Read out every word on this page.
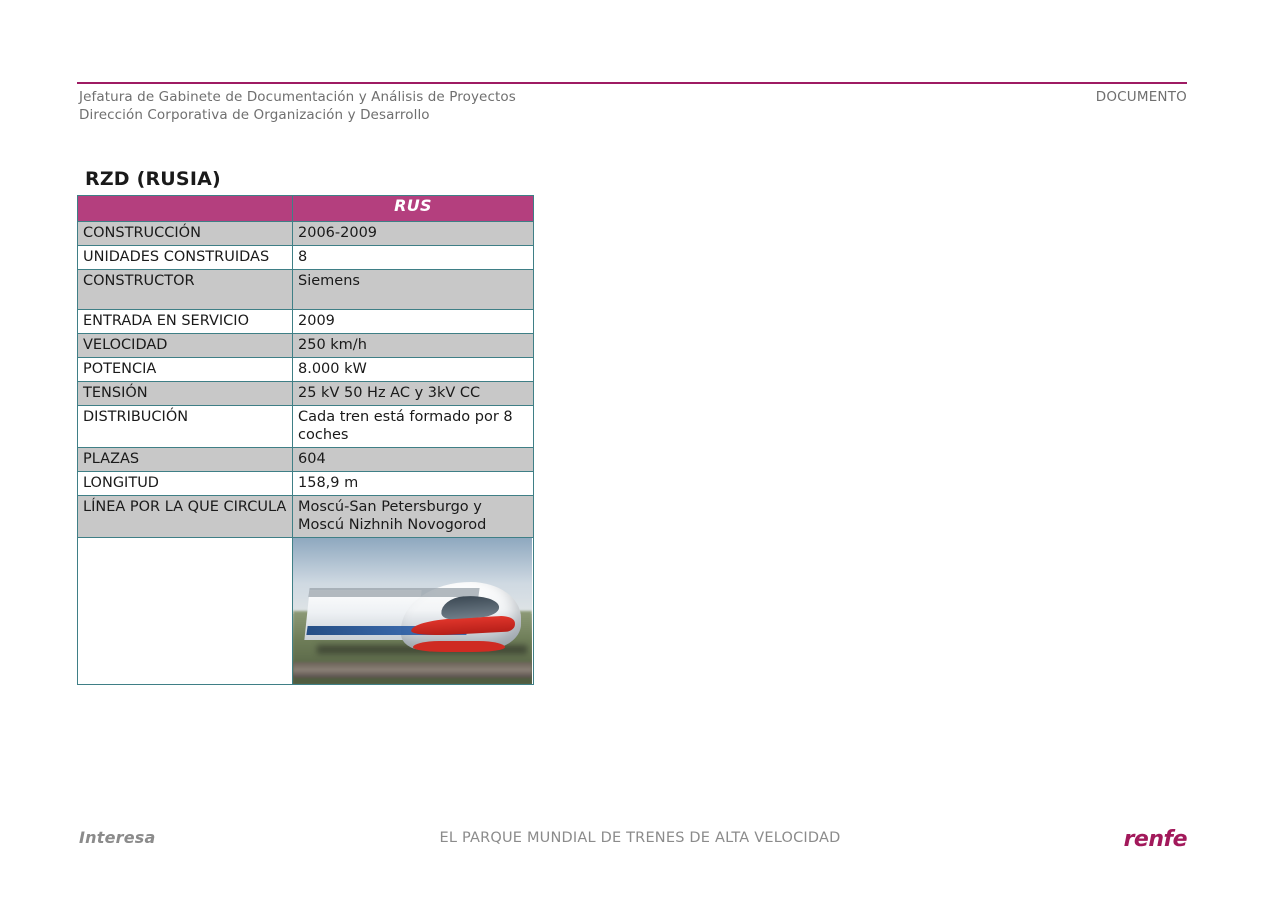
Jefatura de Gabinete de Documentación y Análisis de Proyectos
Dirección Corporativa de Organización y Desarrollo
DOCUMENTO
RZD (RUSIA)
	RUS
CONSTRUCCIÓN	2006-2009
UNIDADES CONSTRUIDAS	8
CONSTRUCTOR	Siemens
ENTRADA EN SERVICIO	2009
VELOCIDAD	250 km/h
POTENCIA	8.000 kW
TENSIÓN	25 kV 50 Hz AC y 3kV CC
DISTRIBUCIÓN	Cada tren está formado por 8 coches
PLAZAS	604
LONGITUD	158,9 m
LÍNEA POR LA QUE CIRCULA	Moscú-San Petersburgo y Moscú Nizhnih Novogorod

Interesa	EL PARQUE MUNDIAL DE TRENES DE ALTA VELOCIDAD	renfe
